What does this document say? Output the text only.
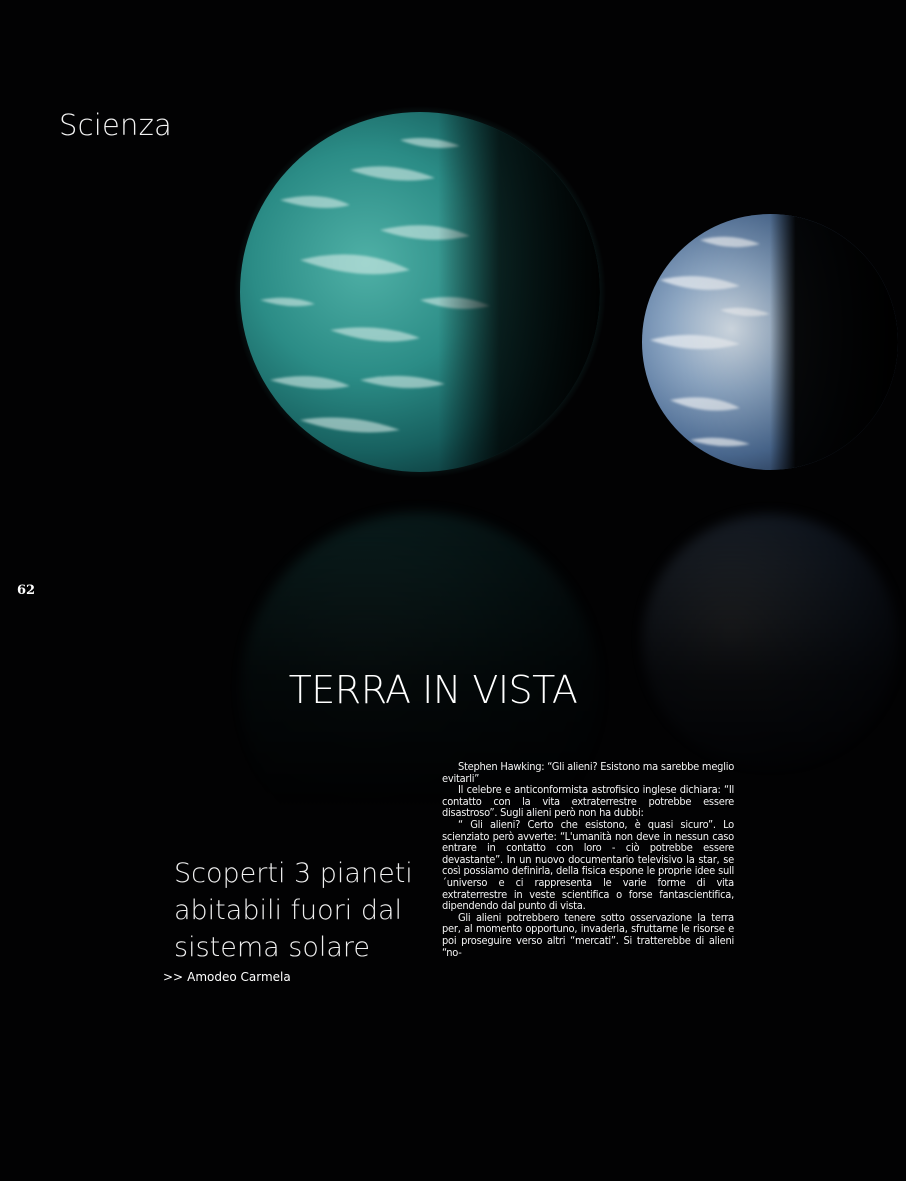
Scienza
62
TERRA IN VISTA
Scoperti 3 pianeti
abitabili fuori dal
sistema solare
>> Amodeo Carmela

Stephen Hawking: “Gli alieni? Esistono ma sarebbe meglio evitarli”

Il celebre e anticonformista astrofisico inglese dichiara: “Il contatto con la vita extraterrestre potrebbe essere disastroso”. Sugli alieni però non ha dubbi:

“ Gli alieni? Certo che esistono, è quasi sicuro”. Lo scienziato però avverte: “L'umanità non deve in nessun caso entrare in contatto con loro - ciò potrebbe essere devastante”. In un nuovo documentario televisivo la star, se così possiamo definirla, della fisica espone le proprie idee sull´universo e ci rappresenta le varie forme di vita extraterrestre in veste scientifica o forse fantascientifica, dipendendo dal punto di vista.

Gli alieni potrebbero tenere sotto osservazione la terra per, al momento opportuno, invaderla, sfruttarne le risorse e poi proseguire verso altri “mercati”. Si tratterebbe di alieni “no-
